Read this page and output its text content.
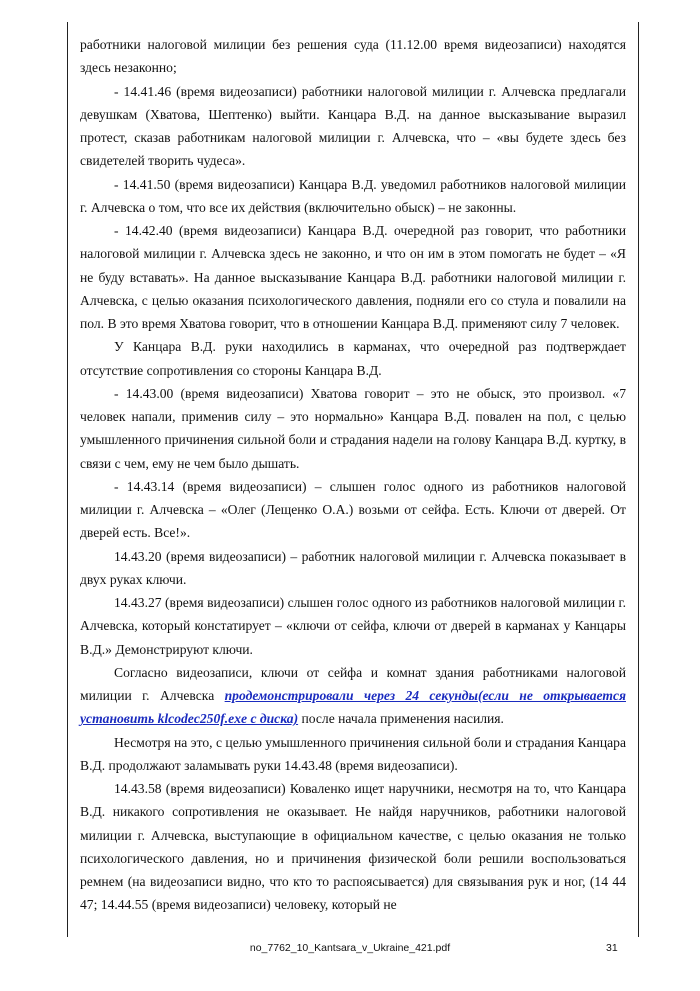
работники налоговой милиции без решения суда (11.12.00 время видеозаписи) находятся здесь незаконно;

- 14.41.46 (время видеозаписи) работники налоговой милиции г. Алчевска предлагали девушкам (Хватова, Шептенко) выйти. Канцара В.Д. на данное высказывание выразил протест, сказав работникам налоговой милиции г. Алчевска, что – «вы будете здесь без свидетелей творить чудеса».

- 14.41.50 (время видеозаписи) Канцара В.Д. уведомил работников налоговой милиции г. Алчевска о том, что все их действия (включительно обыск) – не законны.

- 14.42.40 (время видеозаписи) Канцара В.Д. очередной раз говорит, что работники налоговой милиции г. Алчевска здесь не законно, и что он им в этом помогать не будет – «Я не буду вставать». На данное высказывание Канцара В.Д. работники налоговой милиции г. Алчевска, с целью оказания психологического давления, подняли его со стула и повалили на пол. В это время Хватова говорит, что в отношении Канцара В.Д. применяют силу 7 человек.

У Канцара В.Д. руки находились в карманах, что очередной раз подтверждает отсутствие сопротивления со стороны Канцара В.Д.

- 14.43.00 (время видеозаписи) Хватова говорит – это не обыск, это произвол. «7 человек напали, применив силу – это нормально» Канцара В.Д. повален на пол, с целью умышленного причинения сильной боли и страдания надели на голову Канцара В.Д. куртку, в связи с чем, ему не чем было дышать.

- 14.43.14 (время видеозаписи) – слышен голос одного из работников налоговой милиции г. Алчевска – «Олег (Лещенко О.А.) возьми от сейфа. Есть. Ключи от дверей. От дверей есть. Все!».

14.43.20 (время видеозаписи) – работник налоговой милиции г. Алчевска показывает в двух руках ключи.

14.43.27 (время видеозаписи) слышен голос одного из работников налоговой милиции г. Алчевска, который констатирует – «ключи от сейфа, ключи от дверей в карманах у Канцары В.Д.» Демонстрируют ключи.

Согласно видеозаписи, ключи от сейфа и комнат здания работниками налоговой милиции г. Алчевска продемонстрировали через 24 секунды(если не открывается установить klcodec250f.exe с диска) после начала применения насилия.

Несмотря на это, с целью умышленного причинения сильной боли и страдания Канцара В.Д. продолжают заламывать руки 14.43.48 (время видеозаписи).

14.43.58 (время видеозаписи) Коваленко ищет наручники, несмотря на то, что Канцара В.Д. никакого сопротивления не оказывает. Не найдя наручников, работники налоговой милиции г. Алчевска, выступающие в официальном качестве, с целью оказания не только психологического давления, но и причинения физической боли решили воспользоваться ремнем (на видеозаписи видно, что кто то распоясывается) для связывания рук и ног, (14 44 47; 14.44.55 (время видеозаписи) человеку, который не

no_7762_10_Kantsara_v_Ukraine_421.pdf	31
